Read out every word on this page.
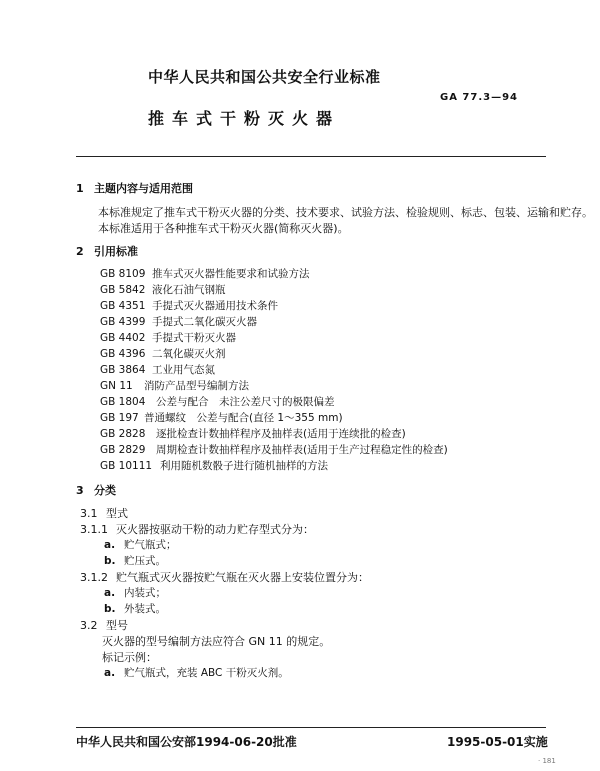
中华人民共和国公共安全行业标准
GA 77.3—94
推车式干粉灭火器
1 主题内容与适用范围
本标准规定了推车式干粉灭火器的分类、技术要求、试验方法、检验规则、标志、包装、运输和贮存。
本标准适用于各种推车式干粉灭火器(简称灭火器)。
2 引用标准
GB 8109 推车式灭火器性能要求和试验方法
GB 5842 液化石油气钢瓶
GB 4351 手提式灭火器通用技术条件
GB 4399 手提式二氧化碳灭火器
GB 4402 手提式干粉灭火器
GB 4396 二氧化碳灭火剂
GB 3864 工业用气态氮
GN 11 消防产品型号编制方法
GB 1804 公差与配合　未注公差尺寸的极限偏差
GB 197 普通螺纹　公差与配合(直径 1～355 mm)
GB 2828 逐批检查计数抽样程序及抽样表(适用于连续批的检查)
GB 2829 周期检查计数抽样程序及抽样表(适用于生产过程稳定性的检查)
GB 10111 利用随机数骰子进行随机抽样的方法
3 分类
3.1 型式
3.1.1 灭火器按驱动干粉的动力贮存型式分为：
a. 贮气瓶式；
b. 贮压式。
3.1.2 贮气瓶式灭火器按贮气瓶在灭火器上安装位置分为：
a. 内装式；
b. 外装式。
3.2 型号
灭火器的型号编制方法应符合 GN 11 的规定。
标记示例：
a. 贮气瓶式，充装 ABC 干粉灭火剂。
中华人民共和国公安部1994-06-20批准	1995-05-01实施
· 181
